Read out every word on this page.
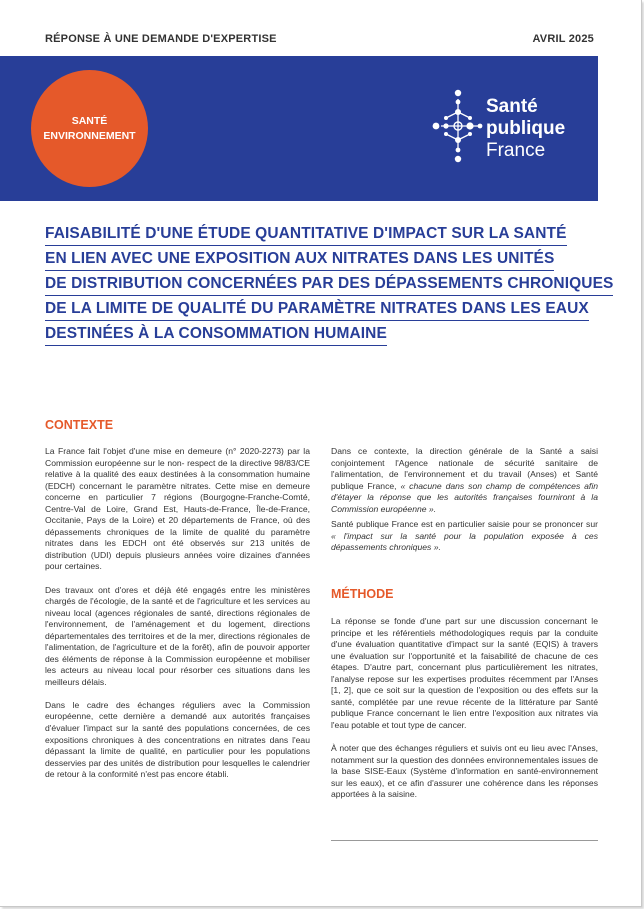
RÉPONSE À UNE DEMANDE D'EXPERTISE	AVRIL 2025
SANTÉ
ENVIRONNEMENT
Santé
publique
France
FAISABILITÉ D'UNE ÉTUDE QUANTITATIVE D'IMPACT SUR LA SANTÉ
EN LIEN AVEC UNE EXPOSITION AUX NITRATES DANS LES UNITÉS
DE DISTRIBUTION CONCERNÉES PAR DES DÉPASSEMENTS CHRONIQUES
DE LA LIMITE DE QUALITÉ DU PARAMÈTRE NITRATES DANS LES EAUX
DESTINÉES À LA CONSOMMATION HUMAINE
CONTEXTE

La France fait l'objet d'une mise en demeure (n° 2020-2273) par la Commission européenne sur le non- respect de la directive 98/83/CE relative à la qualité des eaux destinées à la consommation humaine (EDCH) concernant le paramètre nitrates. Cette mise en demeure concerne en particulier 7 régions (Bourgogne-Franche-Comté, Centre-Val de Loire, Grand Est, Hauts-de-France, Île-de-France, Occitanie, Pays de la Loire) et 20 départements de France, où des dépassements chroniques de la limite de qualité du paramètre nitrates dans les EDCH ont été observés sur 213 unités de distribution (UDI) depuis plusieurs années voire dizaines d'années pour certaines.

Des travaux ont d'ores et déjà été engagés entre les ministères chargés de l'écologie, de la santé et de l'agriculture et les services au niveau local (agences régionales de santé, directions régionales de l'environnement, de l'aménagement et du logement, directions départementales des territoires et de la mer, directions régionales de l'alimentation, de l'agriculture et de la forêt), afin de pouvoir apporter des éléments de réponse à la Commission européenne et mobiliser les acteurs au niveau local pour résorber ces situations dans les meilleurs délais.

Dans le cadre des échanges réguliers avec la Commission européenne, cette dernière a demandé aux autorités françaises d'évaluer l'impact sur la santé des populations concernées, de ces expositions chroniques à des concentrations en nitrates dans l'eau dépassant la limite de qualité, en particulier pour les populations desservies par des unités de distribution pour lesquelles le calendrier de retour à la conformité n'est pas encore établi.

Dans ce contexte, la direction générale de la Santé a saisi conjointement l'Agence nationale de sécurité sanitaire de l'alimentation, de l'environnement et du travail (Anses) et Santé publique France, « chacune dans son champ de compétences afin d'étayer la réponse que les autorités françaises fourniront à la Commission européenne ».

Santé publique France est en particulier saisie pour se prononcer sur « l'impact sur la santé pour la population exposée à ces dépassements chroniques ».

MÉTHODE

La réponse se fonde d'une part sur une discussion concernant le principe et les référentiels méthodologiques requis par la conduite d'une évaluation quantitative d'impact sur la santé (EQIS) à travers une évaluation sur l'opportunité et la faisabilité de chacune de ces étapes. D'autre part, concernant plus particulièrement les nitrates, l'analyse repose sur les expertises produites récemment par l'Anses [1, 2], que ce soit sur la question de l'exposition ou des effets sur la santé, complétée par une revue récente de la littérature par Santé publique France concernant le lien entre l'exposition aux nitrates via l'eau potable et tout type de cancer.

À noter que des échanges réguliers et suivis ont eu lieu avec l'Anses, notamment sur la question des données environnementales issues de la base SISE-Eaux (Système d'information en santé-environnement sur les eaux), et ce afin d'assurer une cohérence dans les réponses apportées à la saisine.
